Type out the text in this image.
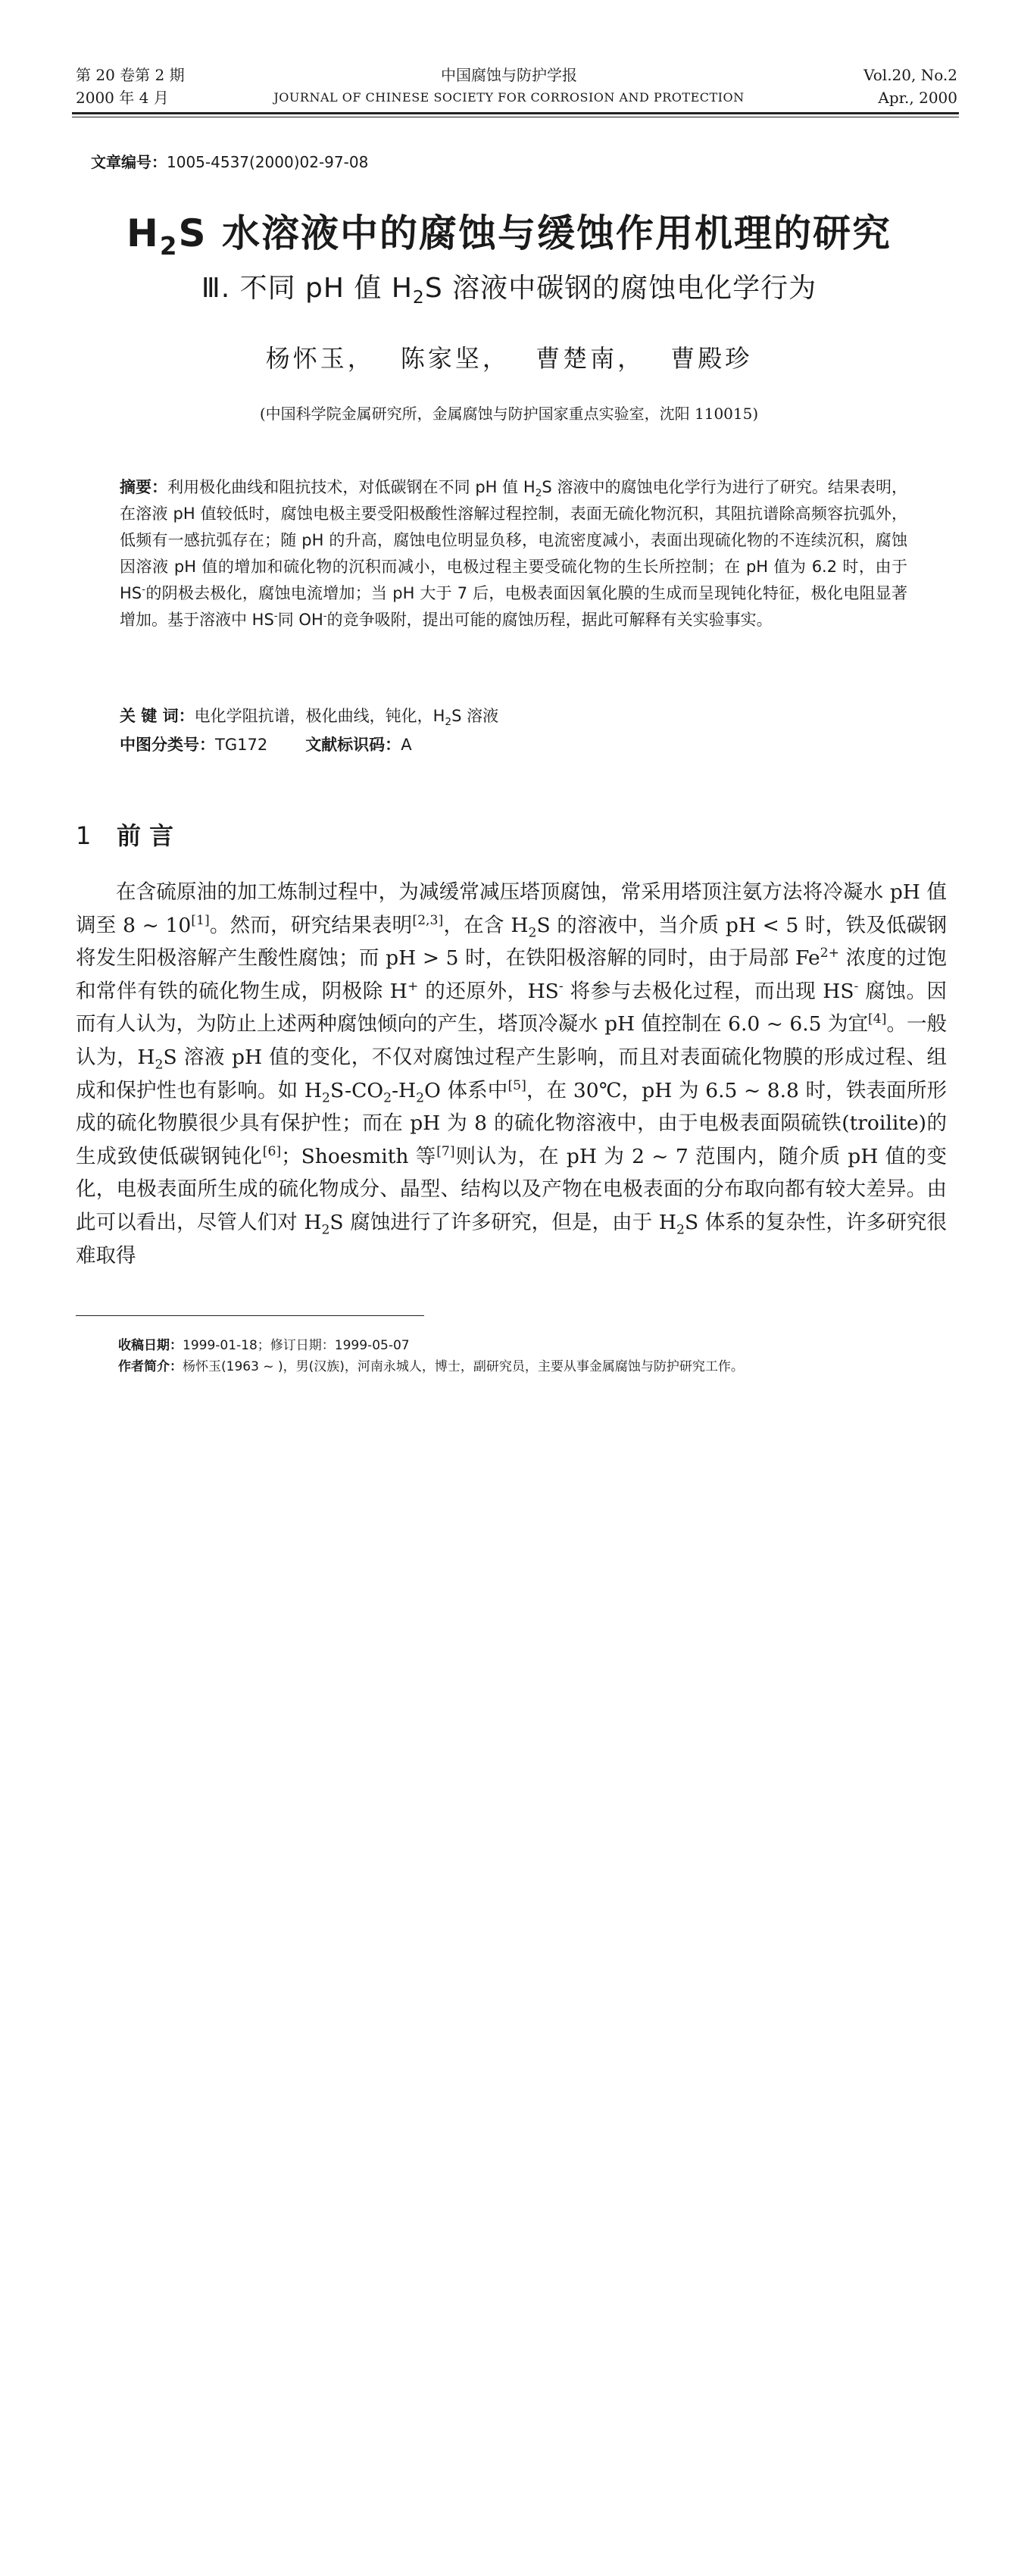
第 20 卷第 2 期
2000 年 4 月
中国腐蚀与防护学报
JOURNAL OF CHINESE SOCIETY FOR CORROSION AND PROTECTION
Vol.20, No.2
Apr., 2000
文章编号：1005-4537(2000)02-97-08
$H_2S$ 水溶液中的腐蚀与缓蚀作用机理的研究
Ⅲ. 不同 pH 值 $H_2S$ 溶液中碳钢的腐蚀电化学行为
杨怀玉， 陈家坚， 曹楚南， 曹殿珍
(中国科学院金属研究所，金属腐蚀与防护国家重点实验室，沈阳 110015)
摘要：利用极化曲线和阻抗技术，对低碳钢在不同 pH 值 $H_2S$ 溶液中的腐蚀电化学行为进行了研究。结果表明，在溶液 pH 值较低时，腐蚀电极主要受阳极酸性溶解过程控制，表面无硫化物沉积，其阻抗谱除高频容抗弧外，低频有一感抗弧存在；随 pH 的升高，腐蚀电位明显负移，电流密度减小，表面出现硫化物的不连续沉积，腐蚀因溶液 pH 值的增加和硫化物的沉积而减小，电极过程主要受硫化物的生长所控制；在 pH 值为 6.2 时，由于 HS-的阴极去极化，腐蚀电流增加；当 pH 大于 7 后，电极表面因氧化膜的生成而呈现钝化特征，极化电阻显著增加。基于溶液中 HS-同 OH-的竞争吸附，提出可能的腐蚀历程，据此可解释有关实验事实。
关 键 词：电化学阻抗谱，极化曲线，钝化，$H_2S$ 溶液
中图分类号：TG172 文献标识码：A
1 前 言

在含硫原油的加工炼制过程中，为减缓常减压塔顶腐蚀，常采用塔顶注氨方法将冷凝水 pH 值调至 8 ~ 10[1]。然而，研究结果表明[2,3]，在含 $H_2S$ 的溶液中，当介质 pH < 5 时，铁及低碳钢将发生阳极溶解产生酸性腐蚀；而 pH > 5 时，在铁阳极溶解的同时，由于局部 $Fe^{2+}$ 浓度的过饱和常伴有铁的硫化物生成，阴极除 H+ 的还原外，HS- 将参与去极化过程，而出现 HS- 腐蚀。因而有人认为，为防止上述两种腐蚀倾向的产生，塔顶冷凝水 pH 值控制在 6.0 ~ 6.5 为宜[4]。一般认为，$H_2S$ 溶液 pH 值的变化，不仅对腐蚀过程产生影响，而且对表面硫化物膜的形成过程、组成和保护性也有影响。如 $H_2S-CO_2-H_2O$ 体系中[5]，在 30℃，pH 为 6.5 ~ 8.8 时，铁表面所形成的硫化物膜很少具有保护性；而在 pH 为 8 的硫化物溶液中，由于电极表面陨硫铁(troilite)的生成致使低碳钢钝化[6]；Shoesmith 等[7]则认为，在 pH 为 2 ~ 7 范围内，随介质 pH 值的变化，电极表面所生成的硫化物成分、晶型、结构以及产物在电极表面的分布取向都有较大差异。由此可以看出，尽管人们对 $H_2S$ 腐蚀进行了许多研究，但是，由于 $H_2S$ 体系的复杂性，许多研究很难取得

收稿日期：1999-01-18；修订日期：1999-05-07
作者简介：杨怀玉(1963 ~ )，男(汉族)，河南永城人，博士，副研究员，主要从事金属腐蚀与防护研究工作。
